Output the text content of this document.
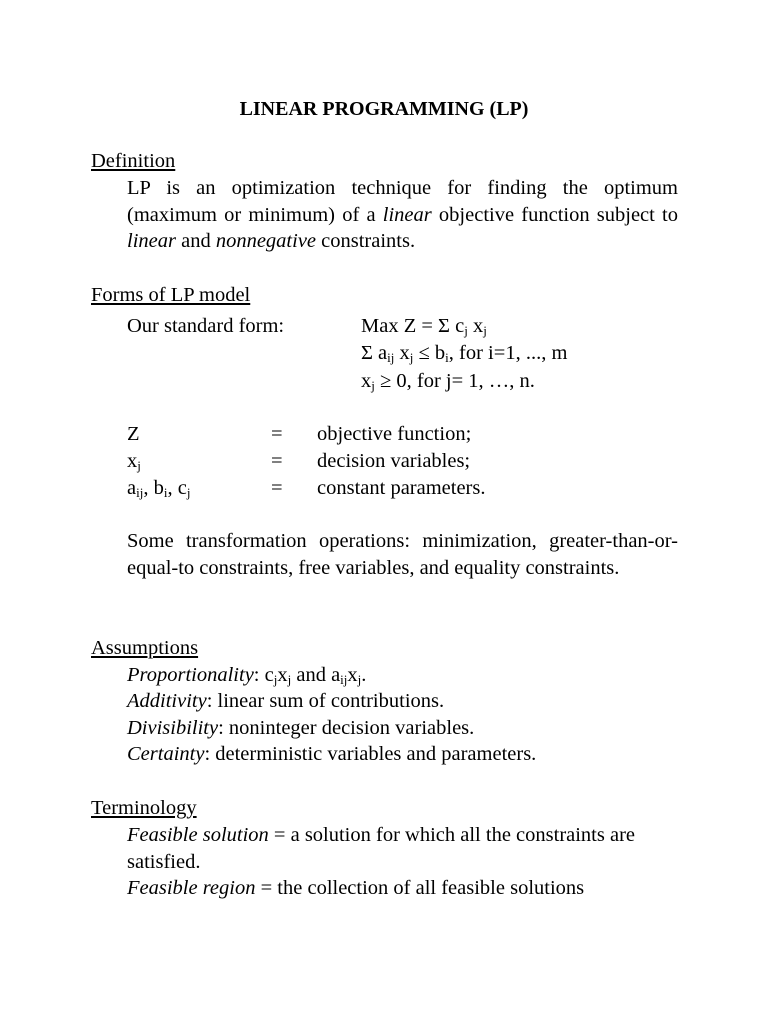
LINEAR PROGRAMMING (LP)
Definition
LP is an optimization technique for finding the optimum (maximum or minimum) of a linear objective function subject to linear and nonnegative constraints.
Forms of LP model
Our standard form:	Max Z = Σ $c_j$ $x_j$
Σ $a_{ij}$ $x_j \le b_i$, for i=1, ..., m
$x_j \ge 0$, for j= 1, …, n.
Z	= objective function;
$x_j$	= decision variables;
$a_{ij}$, $b_i$, $c_j$	= constant parameters.
Some transformation operations: minimization, greater-than-or-equal-to constraints, free variables, and equality constraints.
Assumptions
Proportionality: $c_jx_j$ and $a_{ij}x_j$.
Additivity: linear sum of contributions.
Divisibility: noninteger decision variables.
Certainty: deterministic variables and parameters.
Terminology
Feasible solution = a solution for which all the constraints are satisfied.
Feasible region = the collection of all feasible solutions
